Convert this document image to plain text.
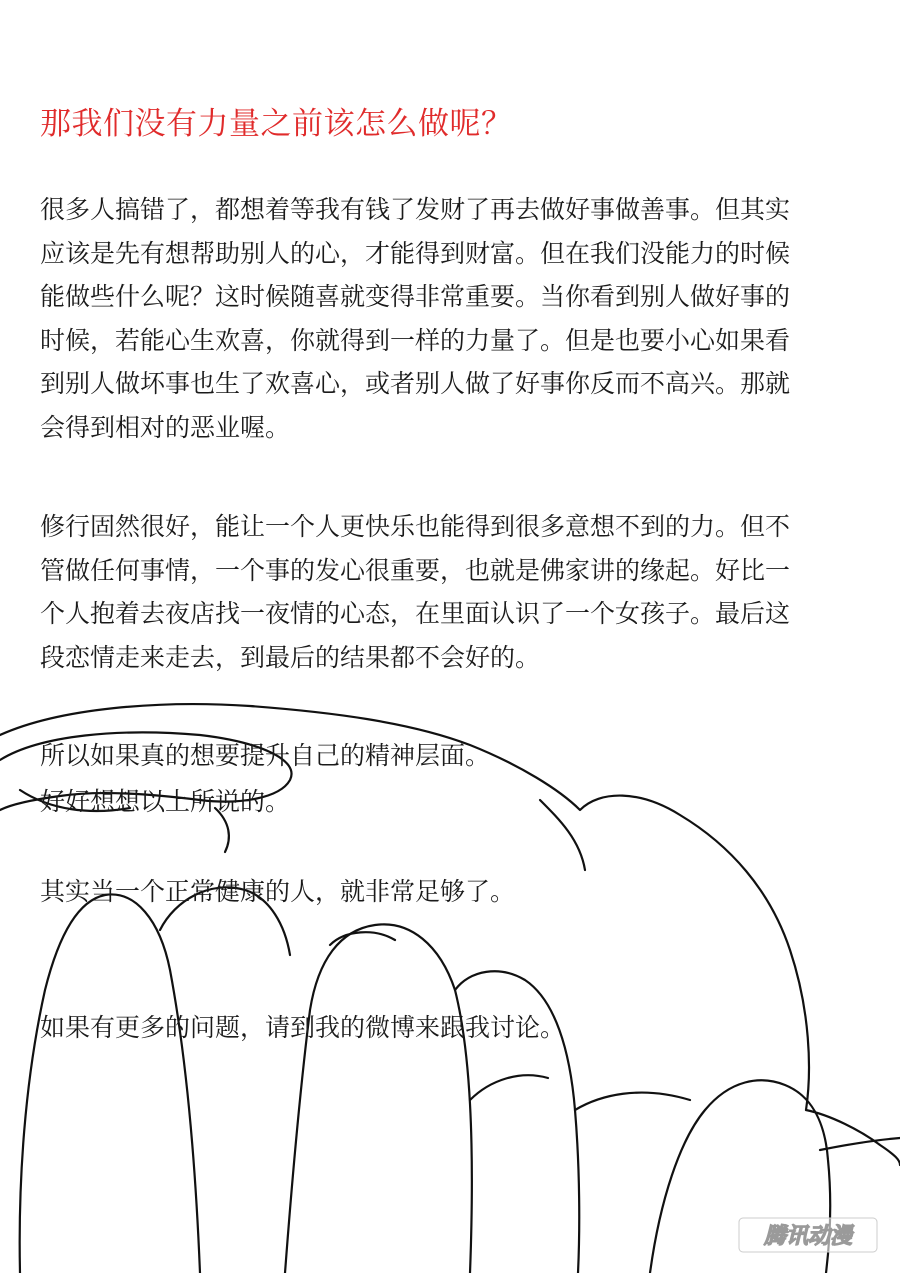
那我们没有力量之前该怎么做呢？

很多人搞错了，都想着等我有钱了发财了再去做好事做善事。但其实

应该是先有想帮助别人的心，才能得到财富。但在我们没能力的时候

能做些什么呢？这时候随喜就变得非常重要。当你看到别人做好事的

时候，若能心生欢喜，你就得到一样的力量了。但是也要小心如果看

到别人做坏事也生了欢喜心，或者别人做了好事你反而不高兴。那就

会得到相对的恶业喔。

修行固然很好，能让一个人更快乐也能得到很多意想不到的力。但不

管做任何事情，一个事的发心很重要，也就是佛家讲的缘起。好比一

个人抱着去夜店找一夜情的心态，在里面认识了一个女孩子。最后这

段恋情走来走去，到最后的结果都不会好的。

所以如果真的想要提升自己的精神层面。

好好想想以上所说的。

其实当一个正常健康的人，就非常足够了。

如果有更多的问题，请到我的微博来跟我讨论。

腾讯动漫
